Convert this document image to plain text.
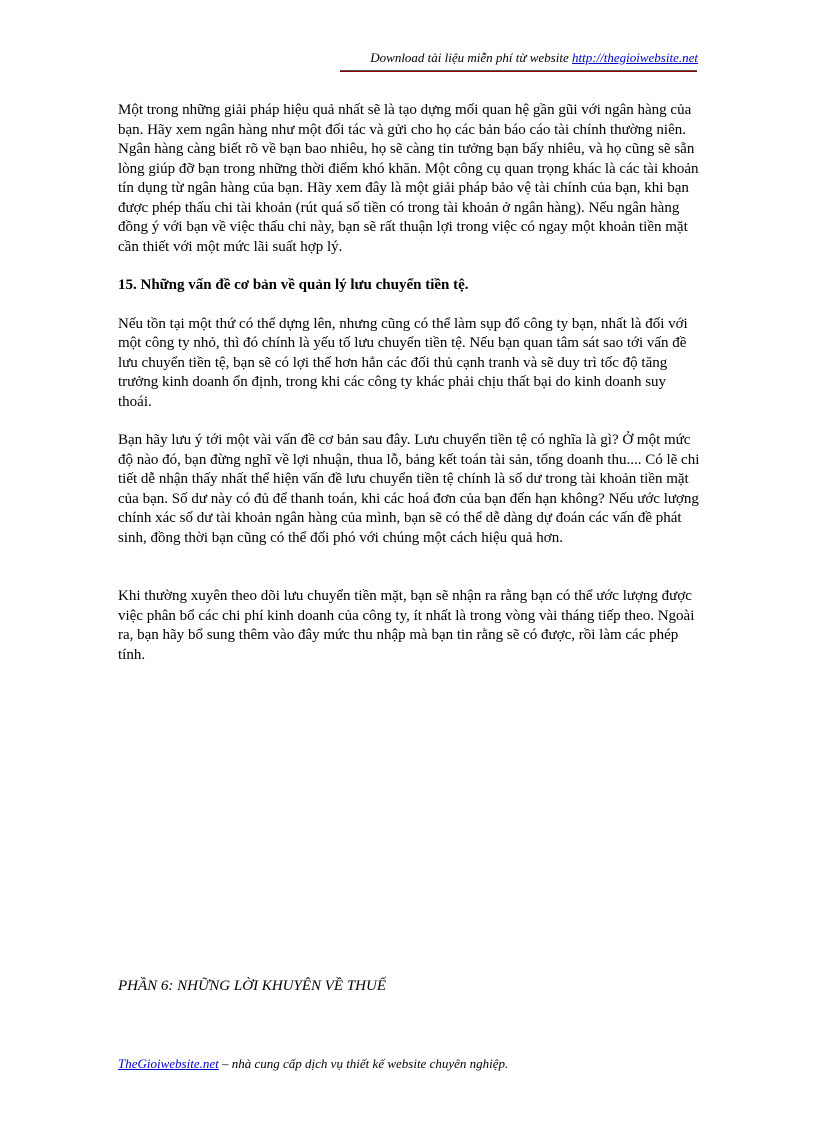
Download tài liệu miễn phí từ website http://thegioiwebsite.net

Một trong những giải pháp hiệu quả nhất sẽ là tạo dựng mối quan hệ gần gũi với ngân hàng của bạn. Hãy xem ngân hàng như một đối tác và gửi cho họ các bản báo cáo tài chính thường niên. Ngân hàng càng biết rõ về bạn bao nhiêu, họ sẽ càng tin tưởng bạn bấy nhiêu, và họ cũng sẽ sẵn lòng giúp đỡ bạn trong những thời điểm khó khăn. Một công cụ quan trọng khác là các tài khoản tín dụng từ ngân hàng của bạn. Hãy xem đây là một giải pháp bảo vệ tài chính của bạn, khi bạn được phép thấu chi tài khoản (rút quá số tiền có trong tài khoản ở ngân hàng). Nếu ngân hàng đồng ý với bạn về việc thấu chi này, bạn sẽ rất thuận lợi trong việc có ngay một khoản tiền mặt cần thiết với một mức lãi suất hợp lý.

15. Những vấn đề cơ bản về quản lý lưu chuyển tiền tệ.

Nếu tồn tại một thứ có thể dựng lên, nhưng cũng có thể làm sụp đổ công ty bạn, nhất là đối với một công ty nhỏ, thì đó chính là yếu tố lưu chuyển tiền tệ. Nếu bạn quan tâm sát sao tới vấn đề lưu chuyển tiền tệ, bạn sẽ có lợi thế hơn hẳn các đối thủ cạnh tranh và sẽ duy trì tốc độ tăng trưởng kinh doanh ổn định, trong khi các công ty khác phải chịu thất bại do kinh doanh suy thoái.

Bạn hãy lưu ý tới một vài vấn đề cơ bản sau đây. Lưu chuyển tiền tệ có nghĩa là gì? Ở một mức độ nào đó, bạn đừng nghĩ về lợi nhuận, thua lỗ, bảng kết toán tài sản, tổng doanh thu.... Có lẽ chi tiết dễ nhận thấy nhất thể hiện vấn đề lưu chuyển tiền tệ chính là số dư trong tài khoản tiền mặt của bạn. Số dư này có đủ để thanh toán, khi các hoá đơn của bạn đến hạn không? Nếu ước lượng chính xác số dư tài khoản ngân hàng của mình, bạn sẽ có thể dễ dàng dự đoán các vấn đề phát sinh, đồng thời bạn cũng có thể đối phó với chúng một cách hiệu quả hơn.

Khi thường xuyên theo dõi lưu chuyển tiền mặt, bạn sẽ nhận ra rằng bạn có thể ước lượng được việc phân bổ các chi phí kinh doanh của công ty, ít nhất là trong vòng vài tháng tiếp theo. Ngoài ra, bạn hãy bổ sung thêm vào đây mức thu nhập mà bạn tin rằng sẽ có được, rồi làm các phép tính.

PHẦN 6: NHỮNG LỜI KHUYÊN VỀ THUẾ
TheGioiwebsite.net – nhà cung cấp dịch vụ thiết kế website chuyên nghiệp.
